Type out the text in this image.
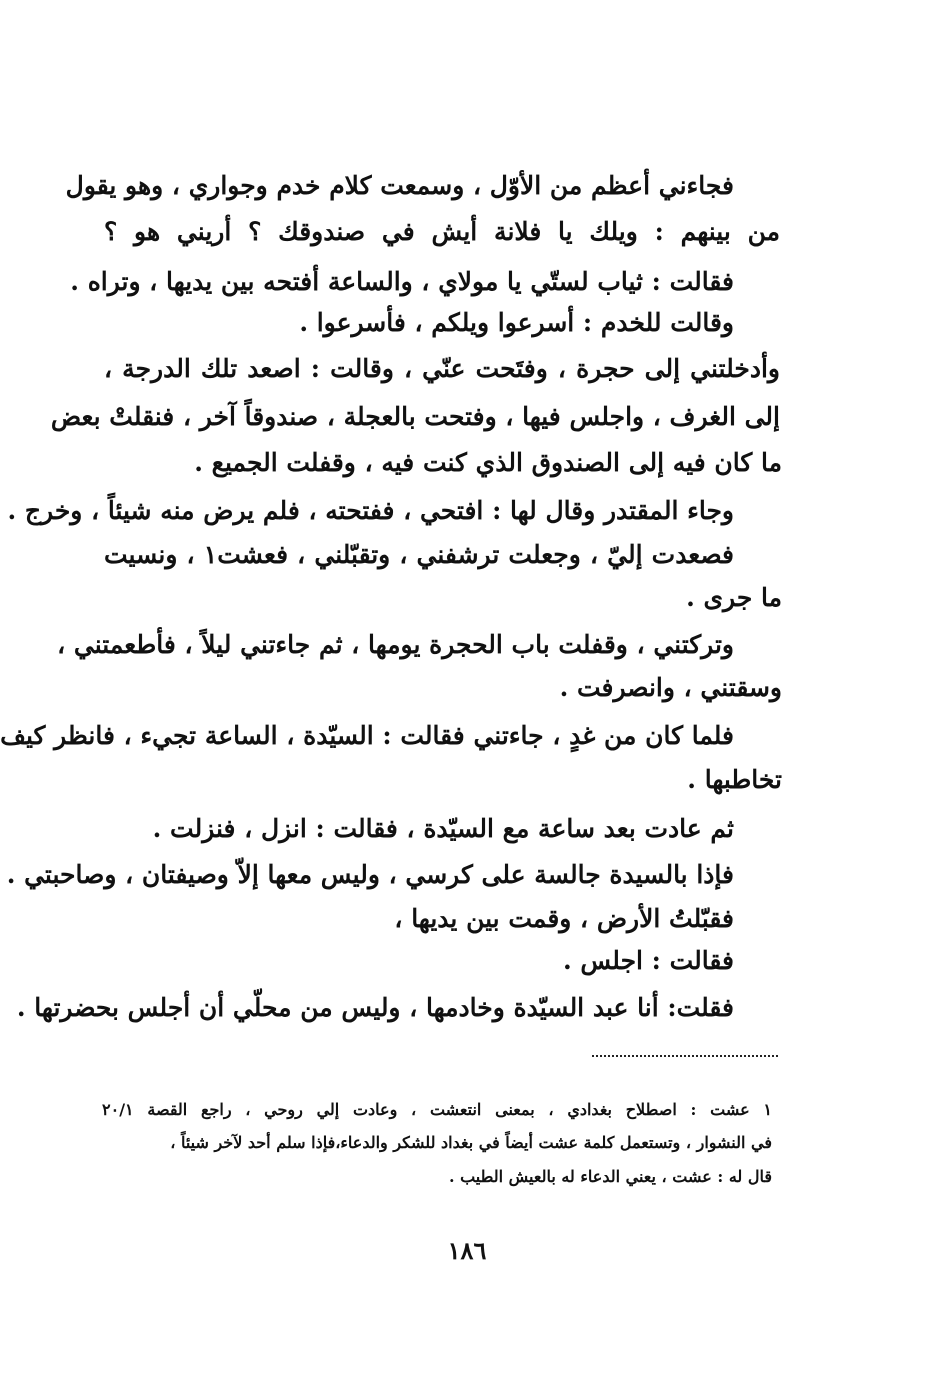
فجاءني أعظم من الأوّل ، وسمعت كلام خدم وجواري ، وهو يقول
من بينهم : ويلك يا فلانة أيش في صندوقك ؟ أريني هو ؟
فقالت : ثياب لستّي يا مولاي ، والساعة أفتحه بين يديها ، وتراه .
وقالت للخدم : أسرعوا ويلكم ، فأسرعوا .
وأدخلتني إلى حجرة ، وفتَحت عنّي ، وقالت : اصعد تلك الدرجة ،
إلى الغرف ، واجلس فيها ، وفتحت بالعجلة ، صندوقاً آخر ، فنقلتْ بعض
ما كان فيه إلى الصندوق الذي كنت فيه ، وقفلت الجميع .
وجاء المقتدر وقال لها : افتحي ، ففتحته ، فلم يرض منه شيئاً ، وخرج .
فصعدت إليّ ، وجعلت ترشفني ، وتقبّلني ، فعشت١ ، ونسيت
ما جرى .
وتركتني ، وقفلت باب الحجرة يومها ، ثم جاءتني ليلاً ، فأطعمتني ،
وسقتني ، وانصرفت .
فلما كان من غدٍ ، جاءتني فقالت : السيّدة ، الساعة تجيء ، فانظر كيف
تخاطبها .
ثم عادت بعد ساعة مع السيّدة ، فقالت : انزل ، فنزلت .
فإذا بالسيدة جالسة على كرسي ، وليس معها إلاّ وصيفتان ، وصاحبتي .
فقبّلتُ الأرض ، وقمت بين يديها ،
فقالت : اجلس .
فقلت: أنا عبد السيّدة وخادمها ، وليس من محلّي أن أجلس بحضرتها .
١ عشت : اصطلاح بغدادي ، بمعنى انتعشت ، وعادت إلي روحي ، راجع القصة ٢٠/١
في النشوار ، وتستعمل كلمة عشت أيضاً في بغداد للشكر والدعاء،فإذا سلم أحد لآخر شيئاً ،
قال له : عشت ، يعني الدعاء له بالعيش الطيب .
١٨٦
